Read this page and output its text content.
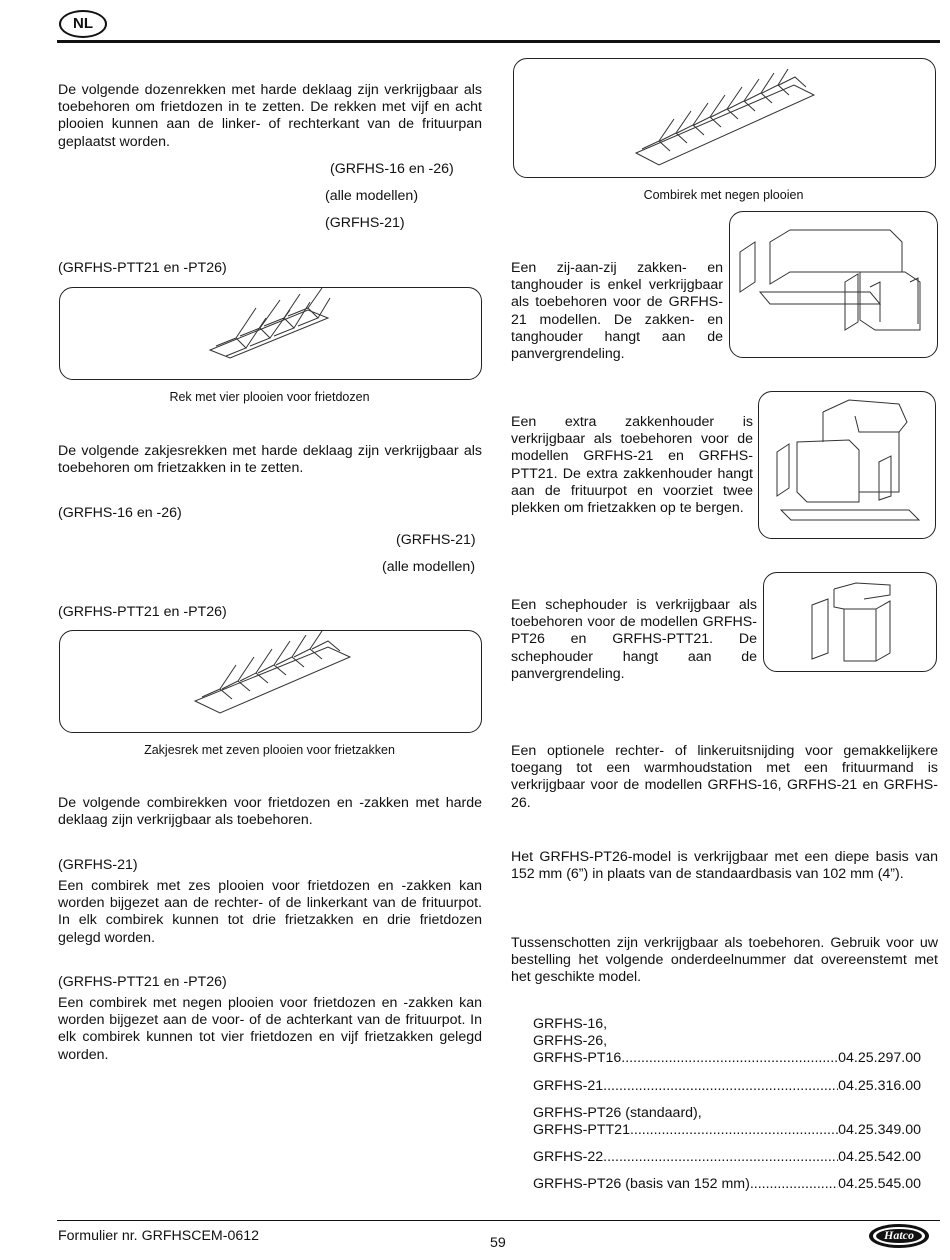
NL

De volgende dozenrekken met harde deklaag zijn verkrijgbaar als toebehoren om frietdozen in te zetten. De rekken met vijf en acht plooien kunnen aan de linker- of rechterkant van de frituurpan geplaatst worden.

(GRFHS-16 en -26)
(alle modellen)
(GRFHS-21)
(GRFHS-PTT21 en -PT26)
Rek met vier plooien voor frietdozen

De volgende zakjesrekken met harde deklaag zijn verkrijgbaar als toebehoren om frietzakken in te zetten.

(GRFHS-16 en -26)
(GRFHS-21)
(alle modellen)
(GRFHS-PTT21 en -PT26)
Zakjesrek met zeven plooien voor frietzakken

De volgende combirekken voor frietdozen en -zakken met harde deklaag zijn verkrijgbaar als toebehoren.

(GRFHS-21)

Een combirek met zes plooien voor frietdozen en -zakken kan worden bijgezet aan de rechter- of de linkerkant van de frituurpot. In elk combirek kunnen tot drie frietzakken en drie frietdozen gelegd worden.

(GRFHS-PTT21 en -PT26)

Een combirek met negen plooien voor frietdozen en -zakken kan worden bijgezet aan de voor- of de achterkant van de frituurpot. In elk combirek kunnen tot vier frietdozen en vijf frietzakken gelegd worden.

Combirek met negen plooien

Een zij-aan-zij zakken- en tanghouder is enkel verkrijgbaar als toebehoren voor de GRFHS-21 modellen. De zakken- en tanghouder hangt aan de panvergrendeling.

Een extra zakkenhouder is verkrijgbaar als toebehoren voor de modellen GRFHS-21 en GRFHS-PTT21. De extra zakkenhouder hangt aan de frituurpot en voorziet twee plekken om frietzakken op te bergen.

Een schephouder is verkrijgbaar als toebehoren voor de modellen GRFHS-PT26 en GRFHS-PTT21. De schephouder hangt aan de panvergrendeling.

Een optionele rechter- of linkeruitsnijding voor gemakkelijkere toegang tot een warmhoudstation met een frituurmand is verkrijgbaar voor de modellen GRFHS-16, GRFHS-21 en GRFHS-26.

Het GRFHS-PT26-model is verkrijgbaar met een diepe basis van 152 mm (6”) in plaats van de standaardbasis van 102 mm (4”).

Tussenschotten zijn verkrijgbaar als toebehoren. Gebruik voor uw bestelling het volgende onderdeelnummer dat overeenstemt met het geschikte model.

GRFHS-16,
GRFHS-26,
GRFHS-PT16 .....	04.25.297.00
GRFHS-21 .....	04.25.316.00
GRFHS-PT26 (standaard),
GRFHS-PTT21 .....	04.25.349.00
GRFHS-22 .....	04.25.542.00
GRFHS-PT26 (basis van 152 mm) .....	04.25.545.00
Formulier nr. GRFHSCEM-0612	59	Hatco
